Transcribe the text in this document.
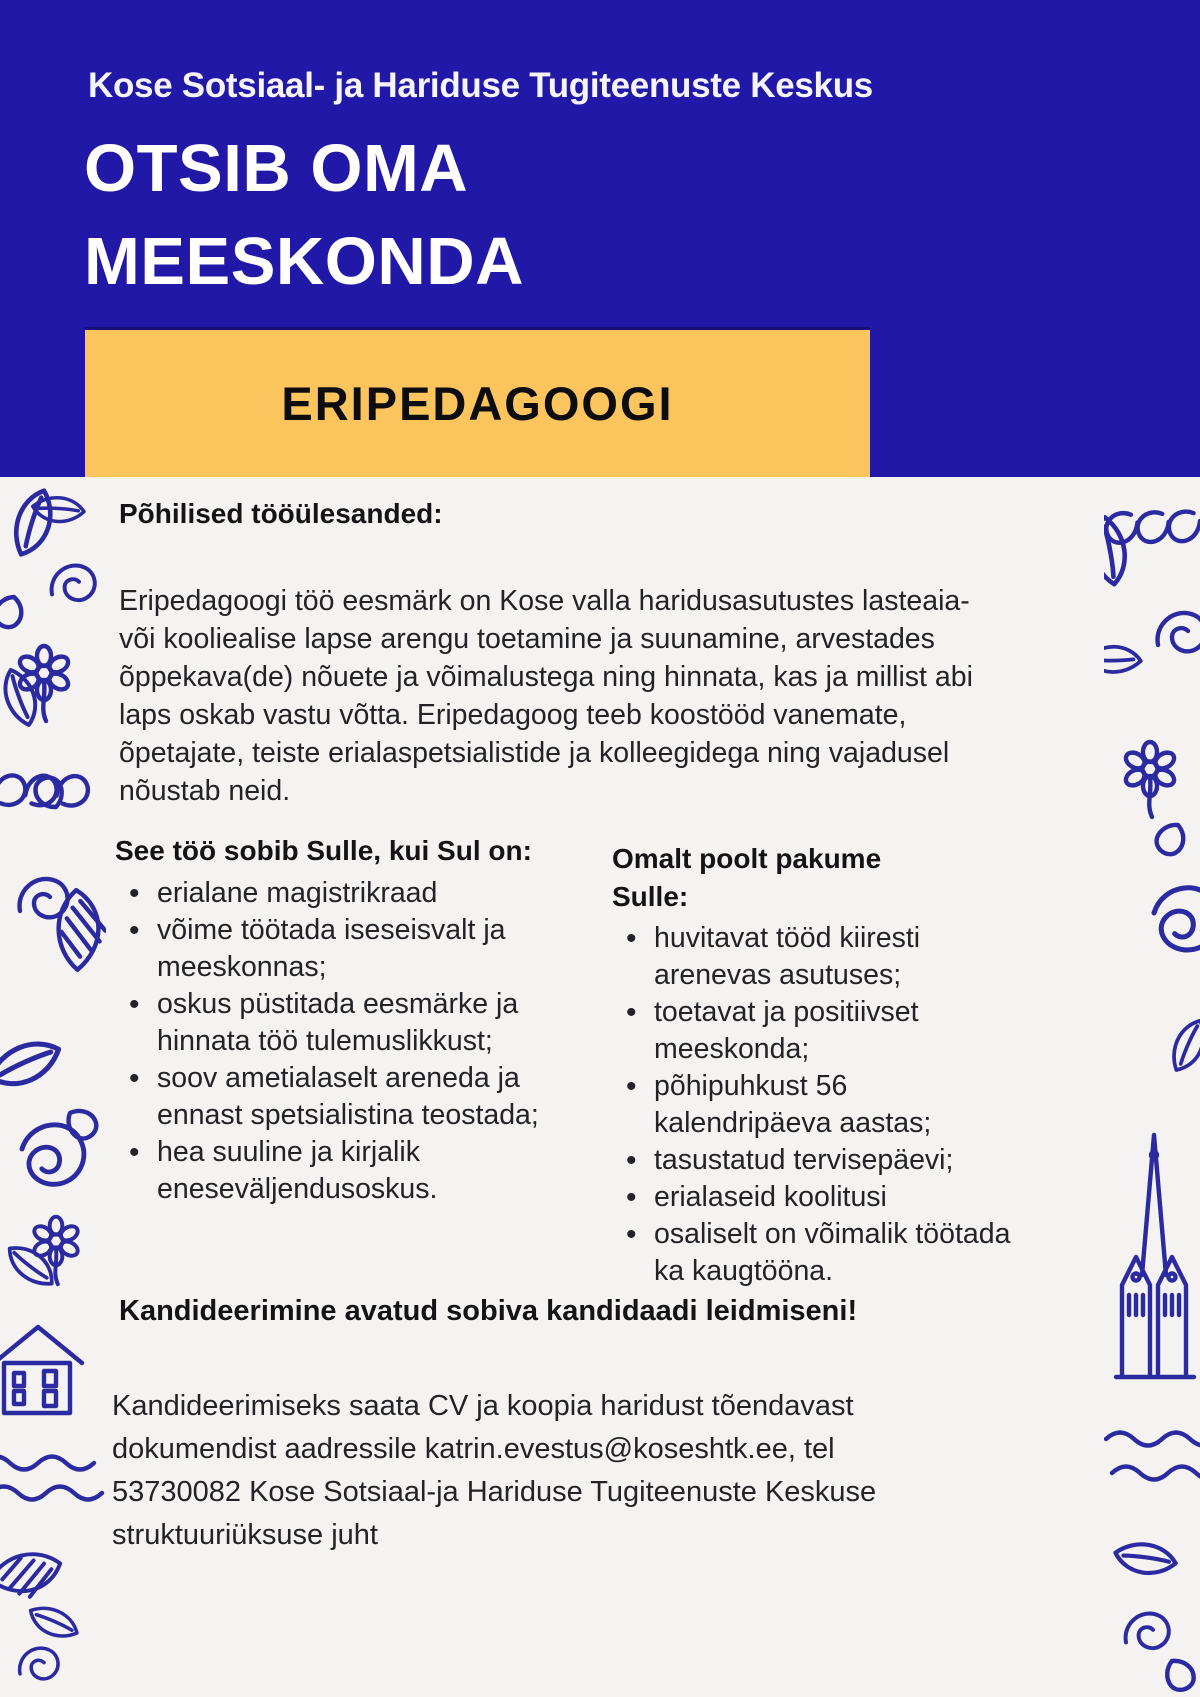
Kose Sotsiaal- ja Hariduse Tugiteenuste Keskus
OTSIB OMA
MEESKONDA
ERIPEDAGOOGI
Põhilised tööülesanded:

Eripedagoogi töö eesmärk on Kose valla haridusasutustes lasteaia- või kooliealise lapse arengu toetamine ja suunamine, arvestades õppekava(de) nõuete ja võimalustega ning hinnata, kas ja millist abi laps oskab vastu võtta. Eripedagoog teeb koostööd vanemate, õpetajate, teiste erialaspetsialistide ja kolleegidega ning vajadusel nõustab neid.

See töö sobib Sulle, kui Sul on:
• erialane magistrikraad
• võime töötada iseseisvalt ja meeskonnas;
• oskus püstitada eesmärke ja hinnata töö tulemuslikkust;
• soov ametialaselt areneda ja ennast spetsialistina teostada;
• hea suuline ja kirjalik eneseväljendusoskus.
Omalt poolt pakume Sulle:
• huvitavat tööd kiiresti arenevas asutuses;
• toetavat ja positiivset meeskonda;
• põhipuhkust 56 kalendripäeva aastas;
• tasustatud tervisepäevi;
• erialaseid koolitusi
• osaliselt on võimalik töötada ka kaugtööna.
Kandideerimine avatud sobiva kandidaadi leidmiseni!

Kandideerimiseks saata CV ja koopia haridust tõendavast dokumendist aadressile katrin.evestus@koseshtk.ee, tel 53730082 Kose Sotsiaal-ja Hariduse Tugiteenuste Keskuse struktuuriüksuse juht
